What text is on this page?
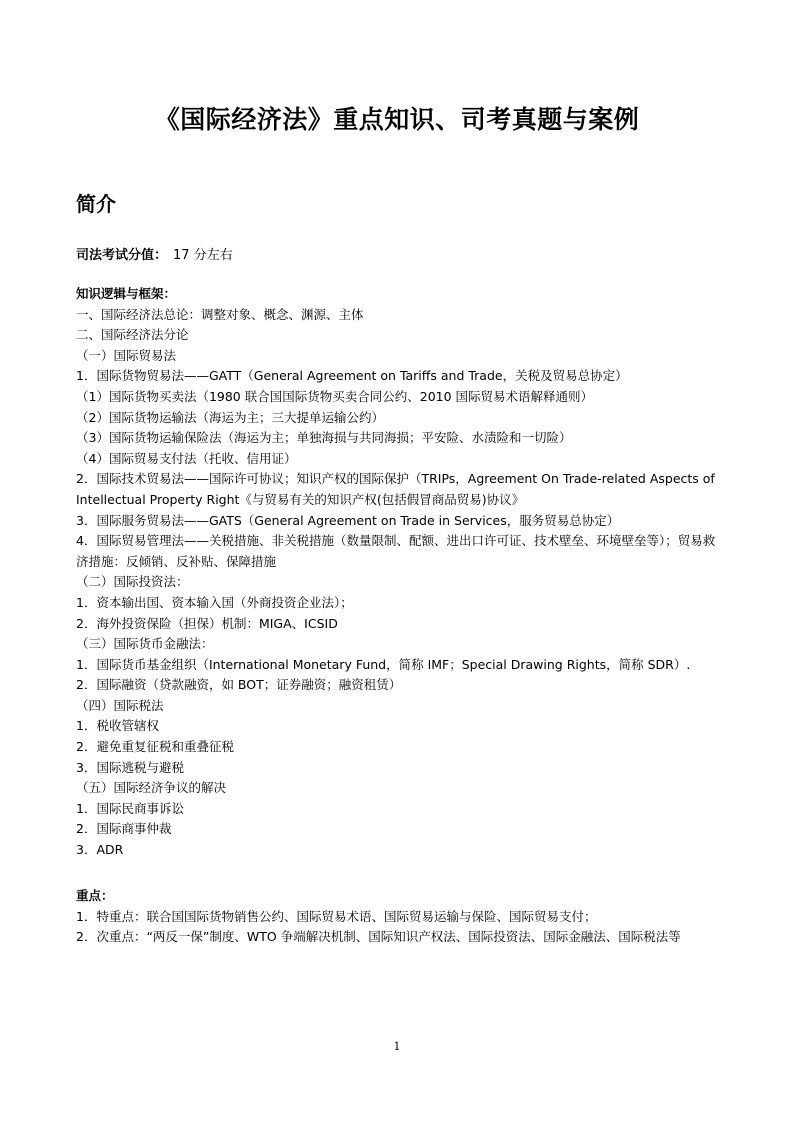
《国际经济法》重点知识、司考真题与案例
简介
司法考试分值： 17 分左右
知识逻辑与框架：
一、国际经济法总论：调整对象、概念、渊源、主体
二、国际经济法分论
（一）国际贸易法
1．国际货物贸易法——GATT（General Agreement on Tariffs and Trade，关税及贸易总协定）
（1）国际货物买卖法（1980 联合国国际货物买卖合同公约、2010 国际贸易术语解释通则）
（2）国际货物运输法（海运为主；三大提单运输公约）
（3）国际货物运输保险法（海运为主；单独海损与共同海损；平安险、水渍险和一切险）
（4）国际贸易支付法（托收、信用证）
2．国际技术贸易法——国际许可协议；知识产权的国际保护（TRIPs，Agreement On Trade-related Aspects of Intellectual Property Right《与贸易有关的知识产权(包括假冒商品贸易)协议》
3．国际服务贸易法——GATS（General Agreement on Trade in Services，服务贸易总协定）
4．国际贸易管理法——关税措施、非关税措施（数量限制、配额、进出口许可证、技术壁垒、环境壁垒等）；贸易救济措施：反倾销、反补贴、保障措施
（二）国际投资法：
1．资本输出国、资本输入国（外商投资企业法）；
2．海外投资保险（担保）机制：MIGA、ICSID
（三）国际货币金融法：
1．国际货币基金组织（International Monetary Fund，简称 IMF；Special Drawing Rights，简称 SDR）.
2．国际融资（贷款融资，如 BOT；证券融资；融资租赁）
（四）国际税法
1．税收管辖权
2．避免重复征税和重叠征税
3．国际逃税与避税
（五）国际经济争议的解决
1．国际民商事诉讼
2．国际商事仲裁
3．ADR
重点：
1．特重点：联合国国际货物销售公约、国际贸易术语、国际贸易运输与保险、国际贸易支付；
2．次重点：“两反一保”制度、WTO 争端解决机制、国际知识产权法、国际投资法、国际金融法、国际税法等
1
